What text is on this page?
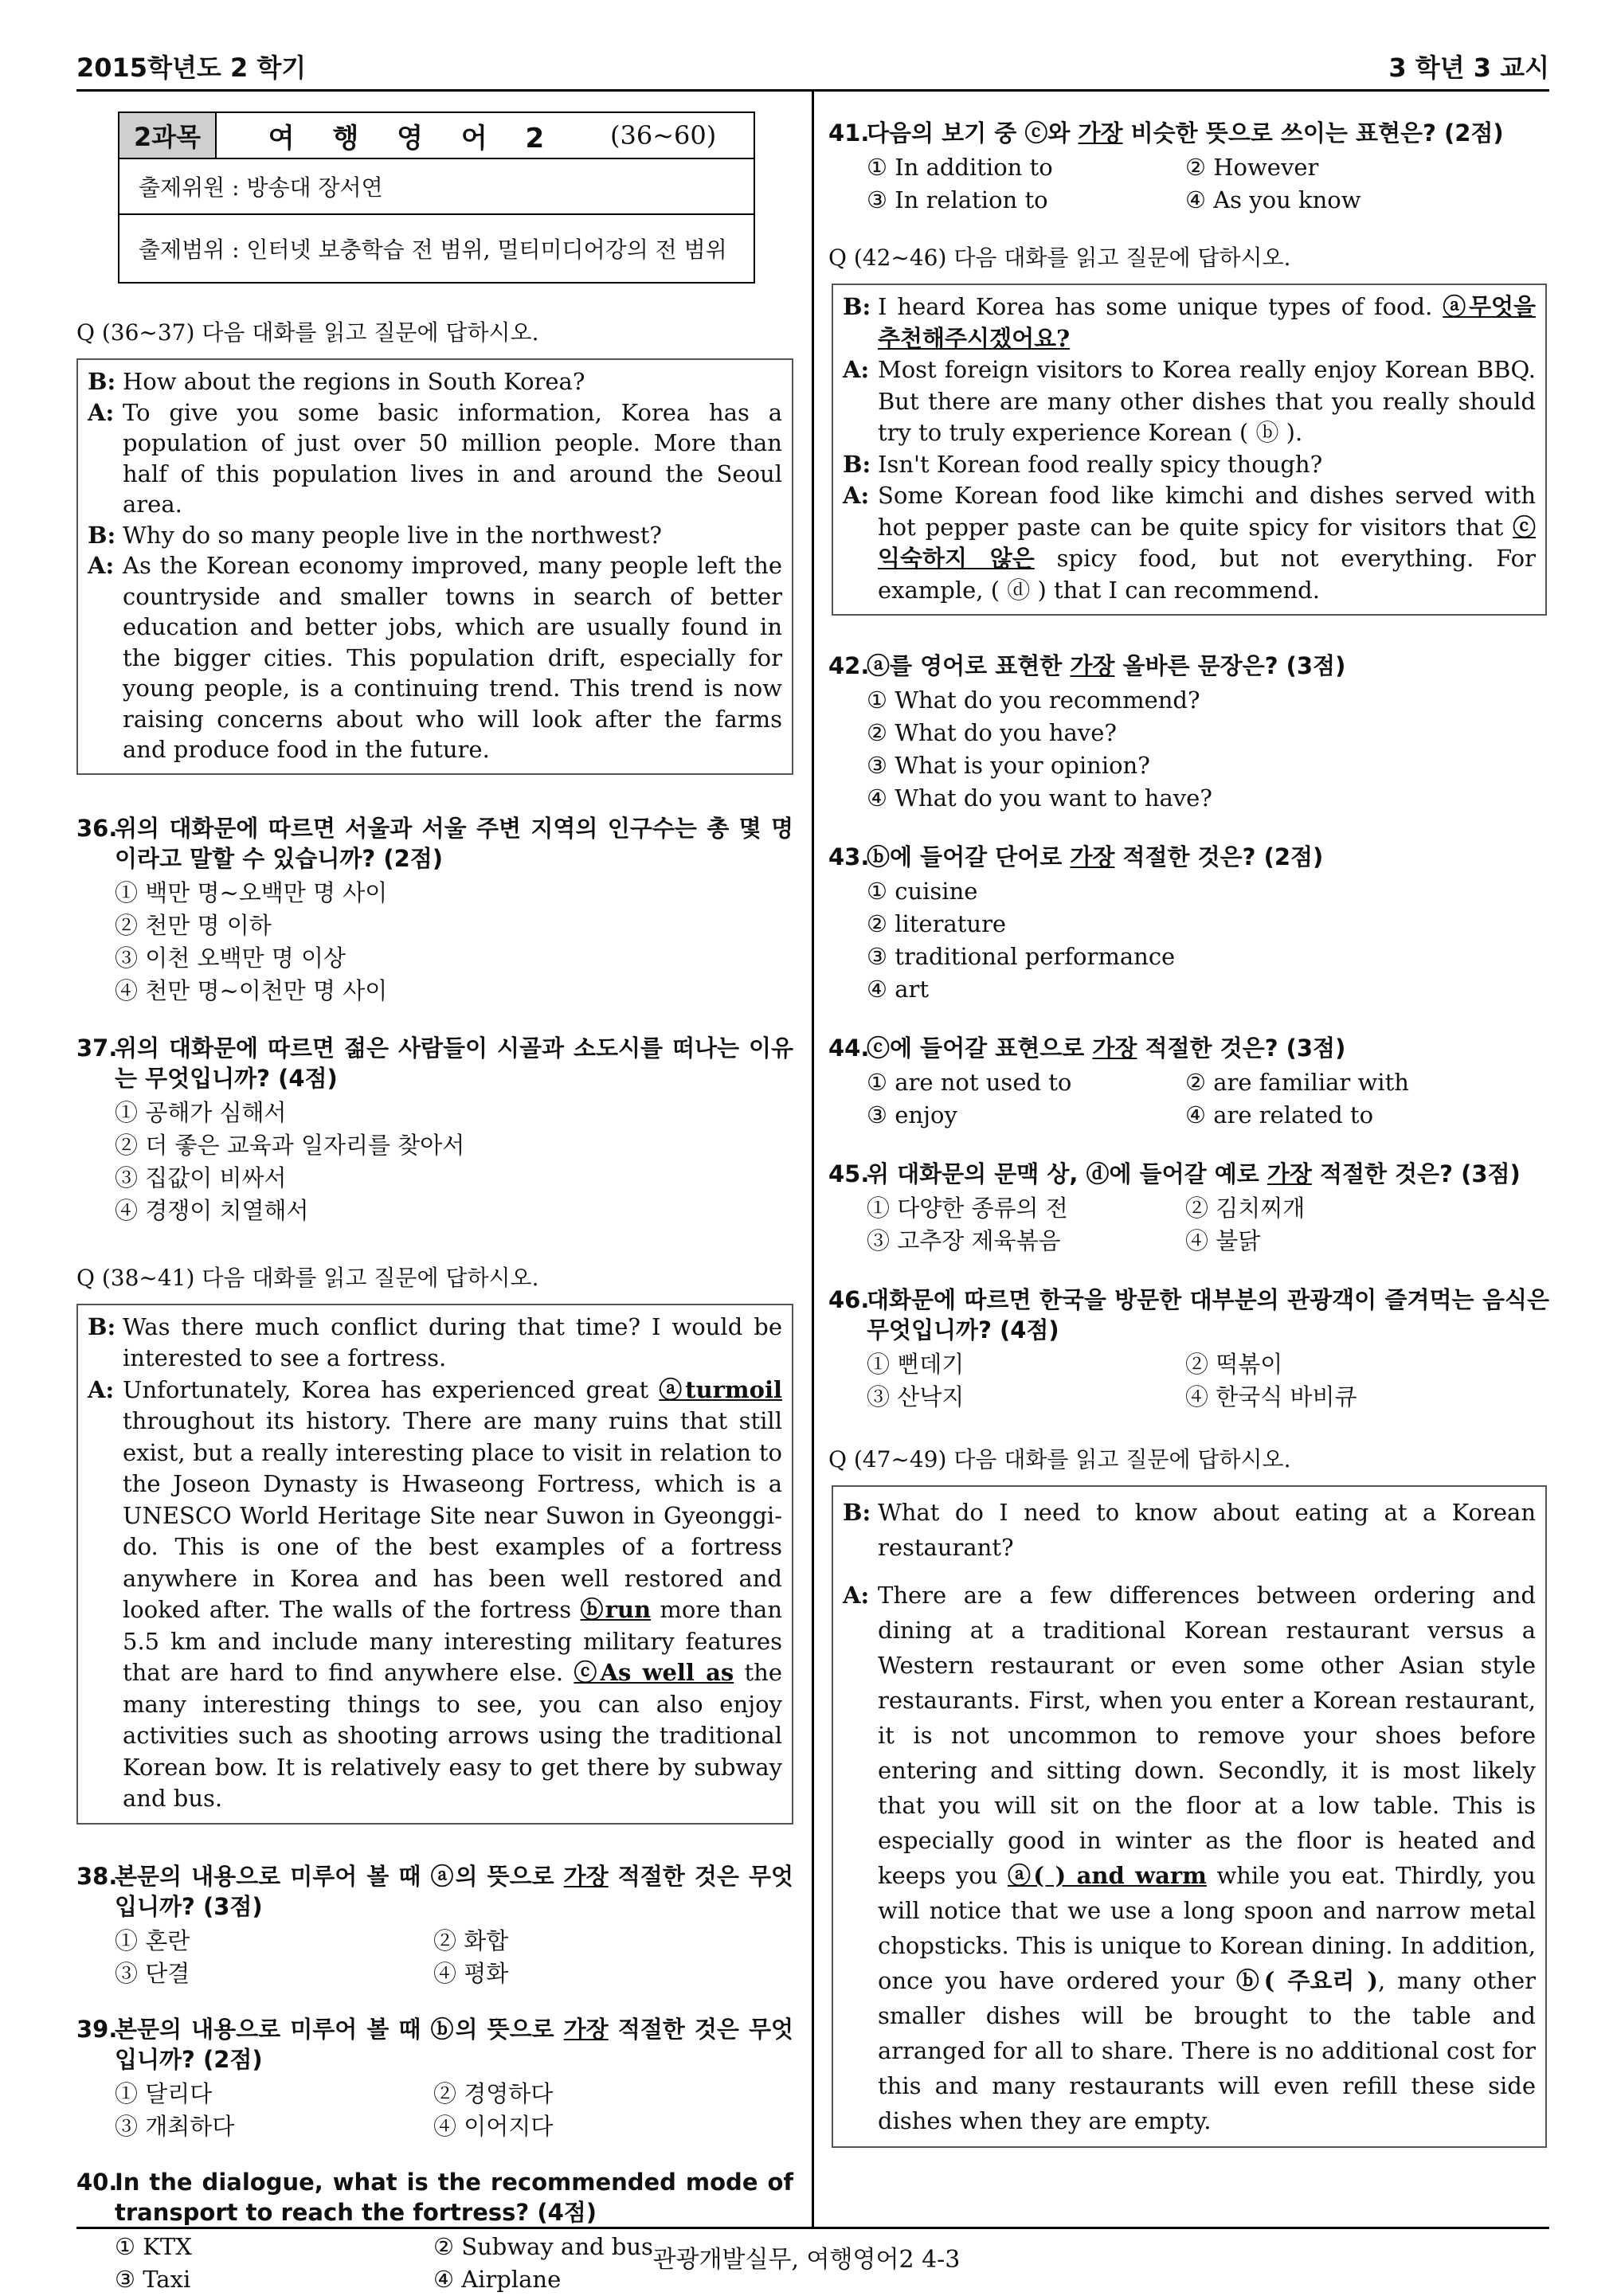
2015학년도 2 학기	3 학년 3 교시
관광개발실무, 여행영어2 4-3
2과목	여 행 영 어 2	(36~60)
출제위원 : 방송대 장서연
출제범위 : 인터넷 보충학습 전 범위, 멀티미디어강의 전 범위
Q (36~37) 다음 대화를 읽고 질문에 답하시오.
B: How about the regions in South Korea?
A: To give you some basic information, Korea has a population of just over 50 million people. More than half of this population lives in and around the Seoul area.
B: Why do so many people live in the northwest?
A: As the Korean economy improved, many people left the countryside and smaller towns in search of better education and better jobs, which are usually found in the bigger cities. This population drift, especially for young people, is a continuing trend. This trend is now raising concerns about who will look after the farms and produce food in the future.
36.
위의 대화문에 따르면 서울과 서울 주변 지역의 인구수는 총 몇 명이라고 말할 수 있습니까? (2점)
① 백만 명~오백만 명 사이
② 천만 명 이하
③ 이천 오백만 명 이상
④ 천만 명~이천만 명 사이
37.
위의 대화문에 따르면 젊은 사람들이 시골과 소도시를 떠나는 이유는 무엇입니까? (4점)
① 공해가 심해서
② 더 좋은 교육과 일자리를 찾아서
③ 집값이 비싸서
④ 경쟁이 치열해서
Q (38~41) 다음 대화를 읽고 질문에 답하시오.
B: Was there much conflict during that time? I would be interested to see a fortress.
A: Unfortunately, Korea has experienced great ⓐturmoil throughout its history. There are many ruins that still exist, but a really interesting place to visit in relation to the Joseon Dynasty is Hwaseong Fortress, which is a UNESCO World Heritage Site near Suwon in Gyeonggi-do. This is one of the best examples of a fortress anywhere in Korea and has been well restored and looked after. The walls of the fortress ⓑrun more than 5.5 km and include many interesting military features that are hard to find anywhere else. ⓒAs well as the many interesting things to see, you can also enjoy activities such as shooting arrows using the traditional Korean bow. It is relatively easy to get there by subway and bus.
38.
본문의 내용으로 미루어 볼 때 ⓐ의 뜻으로 가장 적절한 것은 무엇입니까? (3점)
① 혼란	② 화합 ③ 단결	④ 평화
39.
본문의 내용으로 미루어 볼 때 ⓑ의 뜻으로 가장 적절한 것은 무엇입니까? (2점)
① 달리다	② 경영하다 ③ 개최하다	④ 이어지다
40.
In the dialogue, what is the recommended mode of transport to reach the fortress? (4점)
① KTX	② Subway and bus ③ Taxi	④ Airplane
41.
다음의 보기 중 ⓒ와 가장 비슷한 뜻으로 쓰이는 표현은? (2점)
① In addition to	② However ③ In relation to	④ As you know
Q (42~46) 다음 대화를 읽고 질문에 답하시오.
B: I heard Korea has some unique types of food. ⓐ무엇을 추천해주시겠어요?
A: Most foreign visitors to Korea really enjoy Korean BBQ. But there are many other dishes that you really should try to truly experience Korean ( ⓑ ).
B: Isn't Korean food really spicy though?
A: Some Korean food like kimchi and dishes served with hot pepper paste can be quite spicy for visitors that ⓒ익숙하지 않은 spicy food, but not everything. For example, ( ⓓ ) that I can recommend.
42.
ⓐ를 영어로 표현한 가장 올바른 문장은? (3점)
① What do you recommend?
② What do you have?
③ What is your opinion?
④ What do you want to have?
43.
ⓑ에 들어갈 단어로 가장 적절한 것은? (2점)
① cuisine
② literature
③ traditional performance
④ art
44.
ⓒ에 들어갈 표현으로 가장 적절한 것은? (3점)
① are not used to	② are familiar with ③ enjoy	④ are related to
45.
위 대화문의 문맥 상, ⓓ에 들어갈 예로 가장 적절한 것은? (3점)
① 다양한 종류의 전	② 김치찌개 ③ 고추장 제육볶음	④ 불닭
46.
대화문에 따르면 한국을 방문한 대부분의 관광객이 즐겨먹는 음식은 무엇입니까? (4점)
① 뻔데기	② 떡볶이 ③ 산낙지	④ 한국식 바비큐
Q (47~49) 다음 대화를 읽고 질문에 답하시오.
B: What do I need to know about eating at a Korean restaurant?
A: There are a few differences between ordering and dining at a traditional Korean restaurant versus a Western restaurant or even some other Asian style restaurants. First, when you enter a Korean restaurant, it is not uncommon to remove your shoes before entering and sitting down. Secondly, it is most likely that you will sit on the floor at a low table. This is especially good in winter as the floor is heated and keeps you ⓐ( ) and warm while you eat. Thirdly, you will notice that we use a long spoon and narrow metal chopsticks. This is unique to Korean dining. In addition, once you have ordered your ⓑ( 주요리 ), many other smaller dishes will be brought to the table and arranged for all to share. There is no additional cost for this and many restaurants will even refill these side dishes when they are empty.
